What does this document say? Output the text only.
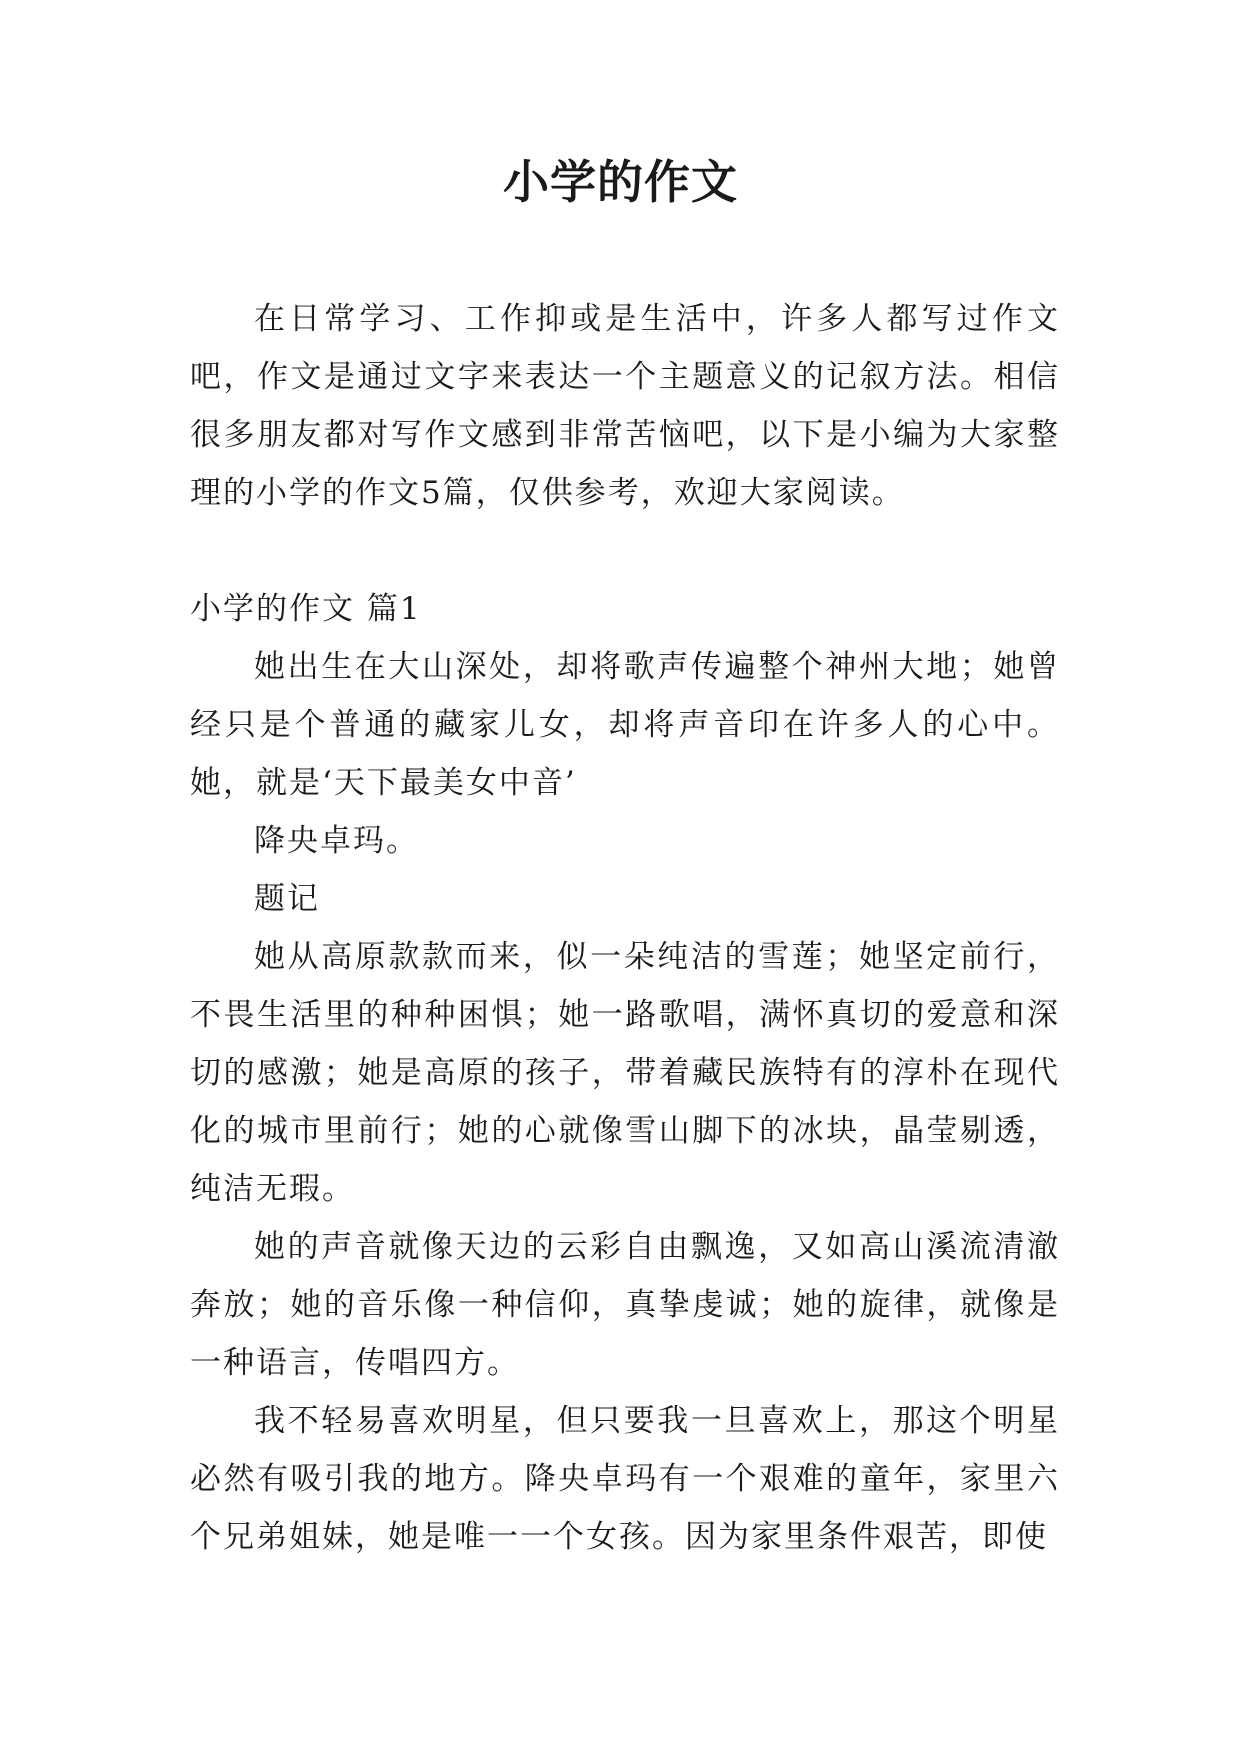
小学的作文

在日常学习、工作抑或是生活中，许多人都写过作文吧，作文是通过文字来表达一个主题意义的记叙方法。相信很多朋友都对写作文感到非常苦恼吧，以下是小编为大家整理的小学的作文5篇，仅供参考，欢迎大家阅读。

小学的作文 篇1

她出生在大山深处，却将歌声传遍整个神州大地；她曾经只是个普通的藏家儿女，却将声音印在许多人的心中。她，就是‘天下最美女中音’

降央卓玛。

题记

她从高原款款而来，似一朵纯洁的雪莲；她坚定前行，不畏生活里的种种困惧；她一路歌唱，满怀真切的爱意和深切的感激；她是高原的孩子，带着藏民族特有的淳朴在现代化的城市里前行；她的心就像雪山脚下的冰块，晶莹剔透，纯洁无瑕。

她的声音就像天边的云彩自由飘逸，又如高山溪流清澈奔放；她的音乐像一种信仰，真挚虔诚；她的旋律，就像是一种语言，传唱四方。

我不轻易喜欢明星，但只要我一旦喜欢上，那这个明星必然有吸引我的地方。降央卓玛有一个艰难的童年，家里六个兄弟姐妹，她是唯一一个女孩。因为家里条件艰苦，即使
